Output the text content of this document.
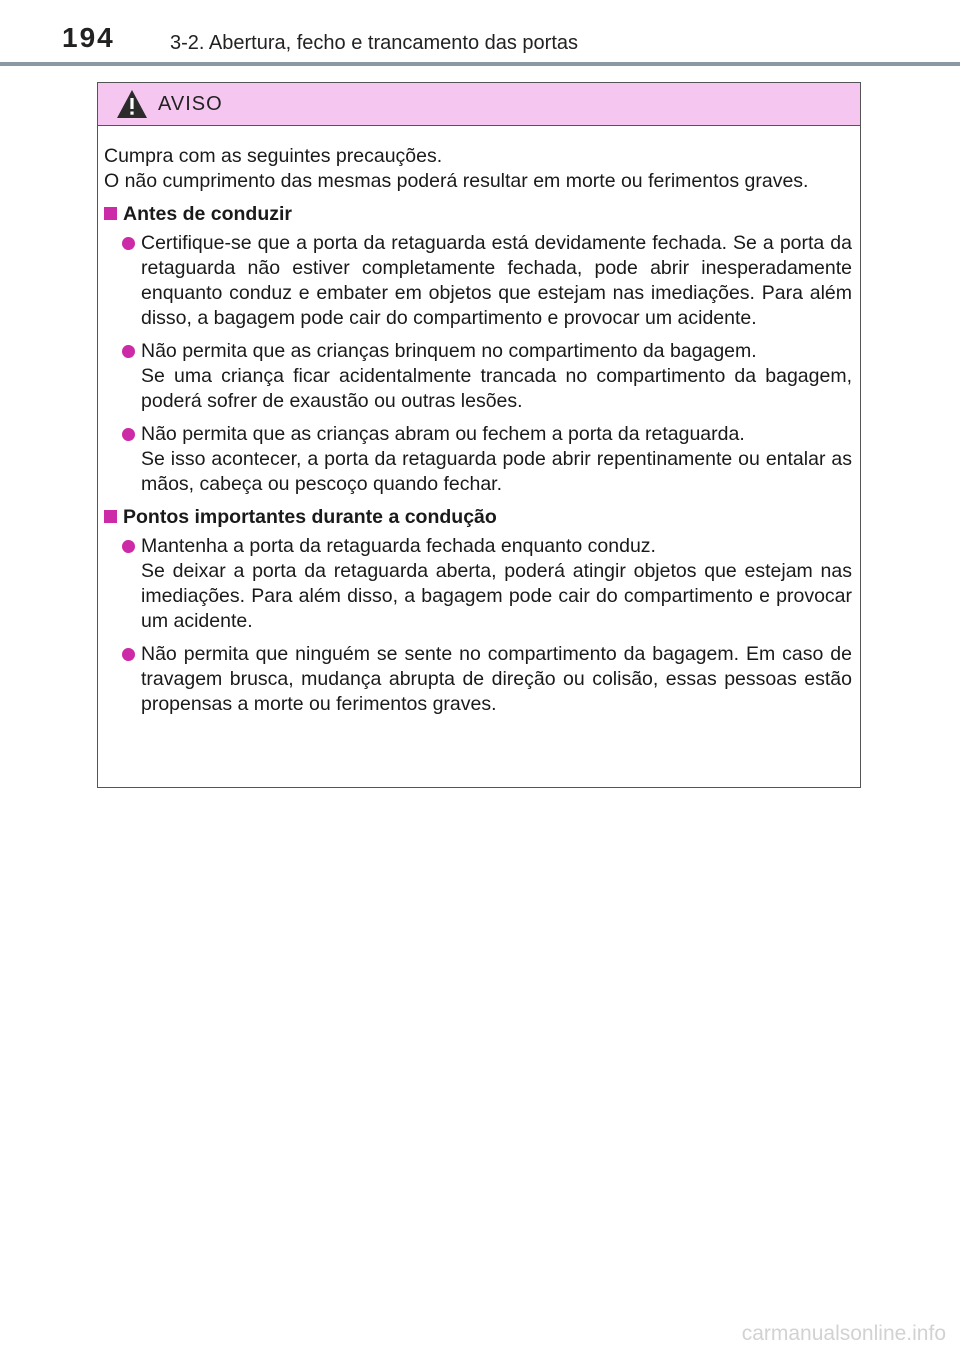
194	3-2. Abertura, fecho e trancamento das portas
AVISO

Cumpra com as seguintes precauções.

O não cumprimento das mesmas poderá resultar em morte ou ferimentos graves.

Antes de conduzir

Certifique-se que a porta da retaguarda está devidamente fechada. Se a porta da retaguarda não estiver completamente fechada, pode abrir inesperadamente enquanto conduz e embater em objetos que estejam nas imediações. Para além disso, a bagagem pode cair do compartimento e provocar um acidente.

Não permita que as crianças brinquem no compartimento da bagagem.

Se uma criança ficar acidentalmente trancada no compartimento da bagagem, poderá sofrer de exaustão ou outras lesões.

Não permita que as crianças abram ou fechem a porta da retaguarda.

Se isso acontecer, a porta da retaguarda pode abrir repentinamente ou entalar as mãos, cabeça ou pescoço quando fechar.

Pontos importantes durante a condução

Mantenha a porta da retaguarda fechada enquanto conduz.

Se deixar a porta da retaguarda aberta, poderá atingir objetos que estejam nas imediações. Para além disso, a bagagem pode cair do compartimento e provocar um acidente.

Não permita que ninguém se sente no compartimento da bagagem. Em caso de travagem brusca, mudança abrupta de direção ou colisão, essas pessoas estão propensas a morte ou ferimentos graves.

carmanualsonline.info
